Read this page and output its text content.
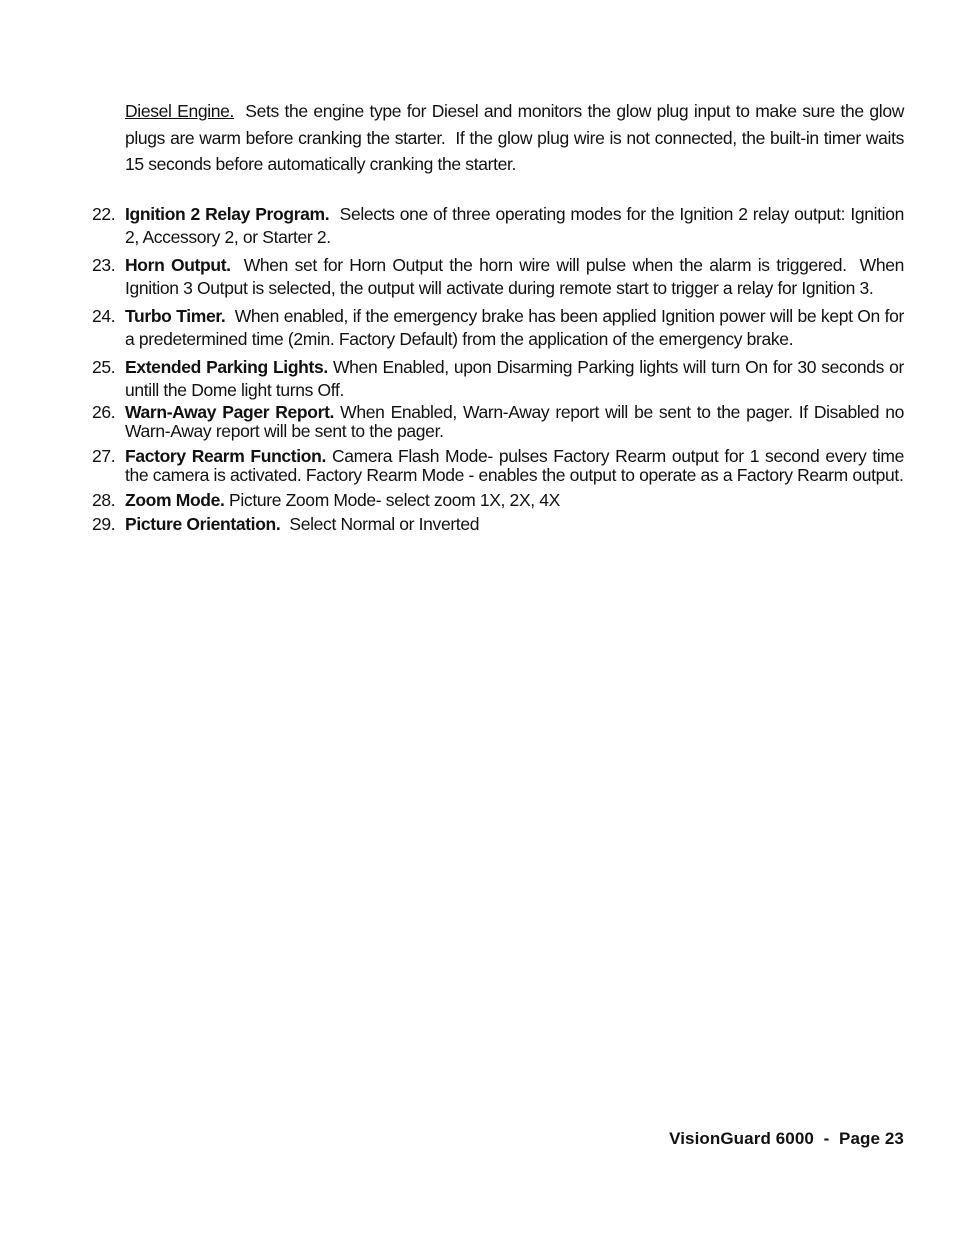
Diesel Engine.  Sets the engine type for Diesel and monitors the glow plug input to make sure the glow plugs are warm before cranking the starter.  If the glow plug wire is not connected, the built-in timer waits 15 seconds before automatically cranking the starter.

22. Ignition 2 Relay Program.  Selects one of three operating modes for the Ignition 2 relay output: Ignition 2, Accessory 2, or Starter 2.
23. Horn Output.  When set for Horn Output the horn wire will pulse when the alarm is triggered.  When Ignition 3 Output is selected, the output will activate during remote start to trigger a relay for Ignition 3.
24. Turbo Timer.  When enabled, if the emergency brake has been applied Ignition power will be kept On for a predetermined time (2min. Factory Default) from the application of the emergency brake.
25. Extended Parking Lights. When Enabled, upon Disarming Parking lights will turn On for 30 seconds or untill the Dome light turns Off.
26. Warn-Away Pager Report. When Enabled, Warn-Away report will be sent to the pager. If Disabled no Warn-Away report will be sent to the pager.
27. Factory Rearm Function. Camera Flash Mode- pulses Factory Rearm output for 1 second every time the camera is activated. Factory Rearm Mode - enables the output to operate as a Factory Rearm output.
28. Zoom Mode. Picture Zoom Mode- select zoom 1X, 2X, 4X
29. Picture Orientation.  Select Normal or Inverted
VisionGuard 6000  -  Page 23
